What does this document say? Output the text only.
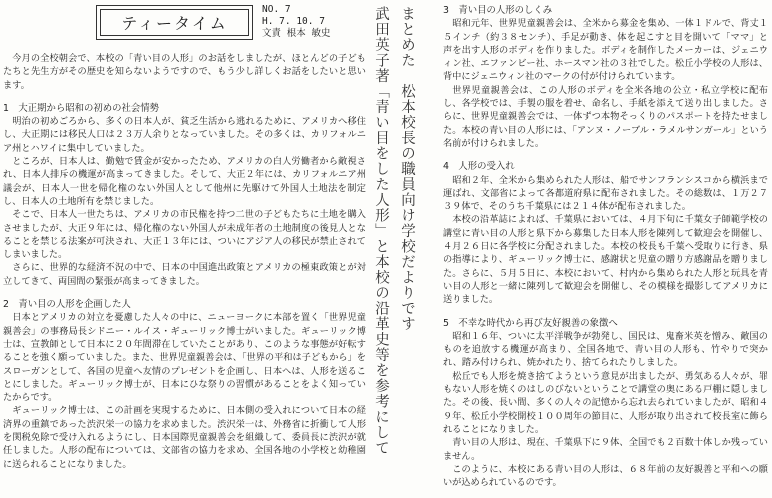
ティータイム
NO. 7
H. 7. 10. 7
文責 根本 敏史

今月の全校朝会で、本校の「青い目の人形」のお話をしましたが、ほとんどの子どもたちと先生方がその歴史を知らないようですので、もう少し詳しくお話をしたいと思います。

1　大正期から昭和の初めの社会情勢

明治の初めごろから、多くの日本人が、貧乏生活から逃れるために、アメリカへ移住し、大正期には移民人口は２３万人余りとなっていました。その多くは、カリフォルニア州とハワイに集中していました。

ところが、日本人は、勤勉で賃金が安かったため、アメリカの白人労働者から敵視され、日本人排斥の機運が高まってきました。そして、大正２年には、カリフォルニア州議会が、日本人一世を帰化権のない外国人として他州に先駆けて外国人土地法を制定し、日本人の土地所有を禁じました。

そこで、日本人一世たちは、アメリカの市民権を持つ二世の子どもたちに土地を購入させましたが、大正９年には、帰化権のない外国人が未成年者の土地制度の後見人となることを禁じる法案が可決され、大正１３年には、ついにアジア人の移民が禁止されてしまいました。

さらに、世界的な経済不況の中で、日本の中国進出政策とアメリカの極東政策とが対立してきて、両国間の緊張が高まってきました。

2　青い目の人形を企画した人

日本とアメリカの対立を憂慮した人々の中に、ニューヨークに本部を置く「世界児童親善会」の事務局長シドニー・ルイス・ギューリック博士がいました。ギューリック博士は、宣教師として日本に２０年間滞在していたことがあり、このような事態が好転することを強く願っていました。また、世界児童親善会は、「世界の平和は子どもから」をスローガンとして、各国の児童へ友情のプレゼントを企画し、日本へは、人形を送ることにしました。ギューリック博士が、日本にひな祭りの習慣があることをよく知っていたからです。

ギューリック博士は、この計画を実現するために、日本側の受入れについて日本の経済界の重鎮であった渋沢栄一の協力を求めました。渋沢栄一は、外務省に折衝して人形を関税免除で受け入れるようにし、日本国際児童親善会を組織して、委員長に渋沢が就任しました。人形の配布については、文部省の協力を求め、全国各地の小学校と幼稚園に送られることになりました。

武田英子著「青い目をした人形」と本校の沿革史等を参考にして まとめた　松本校長の職員向け学校だよりです	3　青い目の人形のしくみ

昭和元年、世界児童親善会は、全米から募金を集め、一体１ドルで、背丈１５インチ（約３８センチ）、手足が動き、体を起こすと目を開いて「ママ」と声を出す人形のボディを作りました。ボディを制作したメーカーは、ジェニウィン社、エファンビー社、ホースマン社の３社でした。松丘小学校の人形は、背中にジェニウィン社のマークの付が付けられています。

世界児童親善会は、この人形のボディを全米各地の公立・私立学校に配布し、各学校では、手製の服を着せ、命名し、手紙を添えて送り出しました。さらに、世界児童親善会では、一体ずつ本物そっくりのパスポートを持たせました。本校の青い目の人形には、「アンヌ・ノーブル・ラメルサンガール」という名前が付けられました。

4　人形の受入れ

昭和２年、全米から集められた人形は、船でサンフランシスコから横浜まで運ばれ、文部省によって各都道府県に配布されました。その総数は、１万２７３９体で、そのうち千葉県には２１４体が配布されました。

本校の沿革誌によれば、千葉県においては、４月下旬に千葉女子師範学校の講堂に青い目の人形と県下から募集した日本人形を陳列して歓迎会を開催し、４月２６日に各学校に分配されました。本校の校長も千葉へ受取りに行き、県の指導により、ギューリック博士に、感謝状と児童の贈り方感謝品を贈りました。さらに、５月５日に、本校において、村内から集められた人形と玩具を青い目の人形と一緒に陳列して歓迎会を開催し、その模様を撮影してアメリカに送りました。

5　不幸な時代から再び友好親善の象徴へ

昭和１６年、ついに太平洋戦争が勃発し、国民は、鬼畜米英を憎み、敵国のものを追放する機運が高まり、全国各地で、青い目の人形も、竹やりで突かれ、踏み付けられ、焼かれたり、捨てられたりしました。

松丘でも人形を焼き捨てようという意見が出ましたが、勇気ある人々が、罪もない人形を焼くのはしのびないということで講堂の奥にある戸棚に隠しました。その後、長い間、多くの人々の記憶から忘れ去られていましたが、昭和４９年、松丘小学校開校１００周年の節目に、人形が取り出されて校長室に飾られることになりました。

青い目の人形は、現在、千葉県下に９体、全国でも２百数十体しか残っていません。

このように、本校にある青い目の人形は、６８年前の友好親善と平和への願いが込められているのです。
